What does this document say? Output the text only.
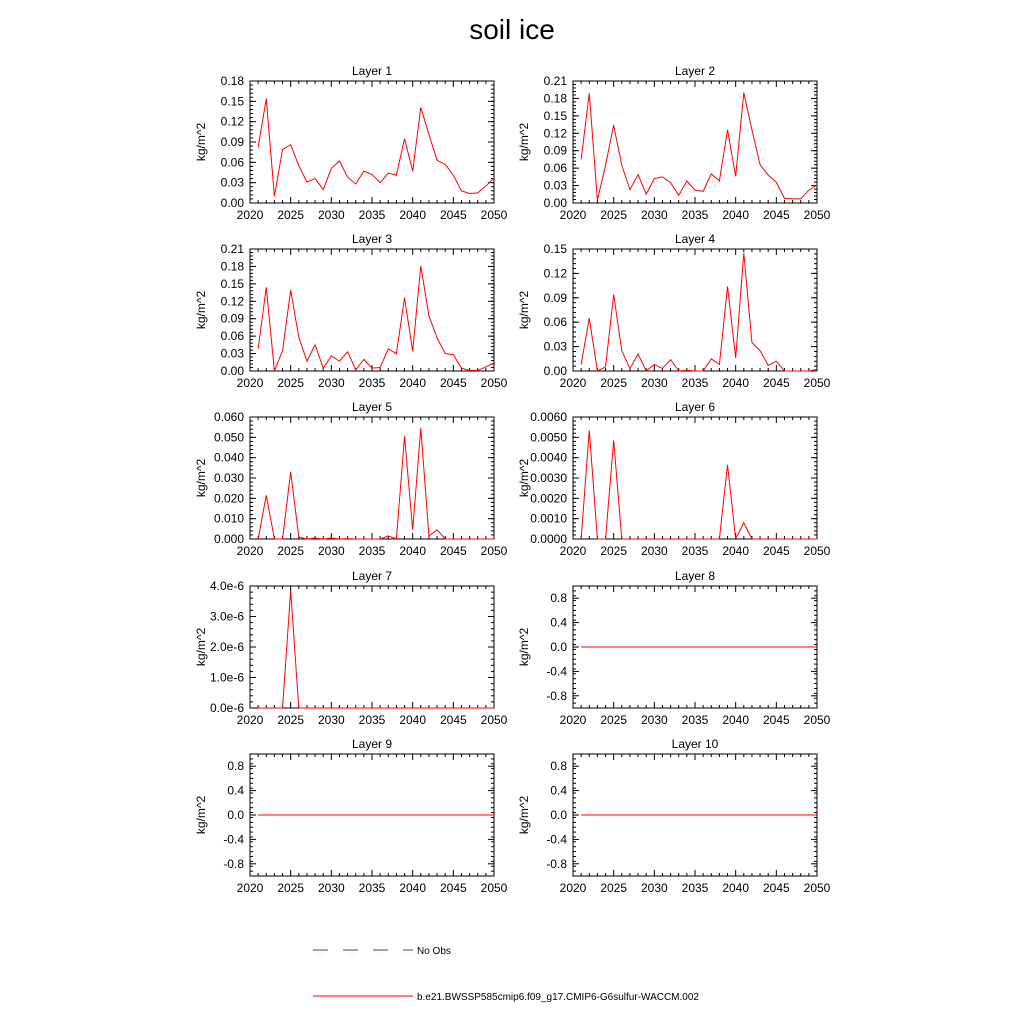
soil ice
Layer 1
kg/m^2
2020 2025 2030 2035 2040 2045 2050
0.00
0.03
0.06
0.09
0.12
0.15
0.18
Layer 2
kg/m^2
2020 2025 2030 2035 2040 2045 2050
0.00
0.03
0.06
0.09
0.12
0.15
0.18
0.21
Layer 3
kg/m^2
2020 2025 2030 2035 2040 2045 2050
0.00
0.03
0.06
0.09
0.12
0.15
0.18
0.21
Layer 4
kg/m^2
2020 2025 2030 2035 2040 2045 2050
0.00
0.03
0.06
0.09
0.12
0.15
Layer 5
kg/m^2
2020 2025 2030 2035 2040 2045 2050
0.000
0.010
0.020
0.030
0.040
0.050
0.060
Layer 6
kg/m^2
2020 2025 2030 2035 2040 2045 2050
0.0000
0.0010
0.0020
0.0030
0.0040
0.0050
0.0060
Layer 7
kg/m^2
2020 2025 2030 2035 2040 2045 2050
0.0e-6
1.0e-6
2.0e-6
3.0e-6
4.0e-6
Layer 8
kg/m^2
2020 2025 2030 2035 2040 2045 2050
-0.8
-0.4
0.0
0.4
0.8
Layer 9
kg/m^2
2020 2025 2030 2035 2040 2045 2050
-0.8
-0.4
0.0
0.4
0.8
Layer 10
kg/m^2
2020 2025 2030 2035 2040 2045 2050
-0.8
-0.4
0.0
0.4
0.8
No Obs
b.e21.BWSSP585cmip6.f09_g17.CMIP6-G6sulfur-WACCM.002
